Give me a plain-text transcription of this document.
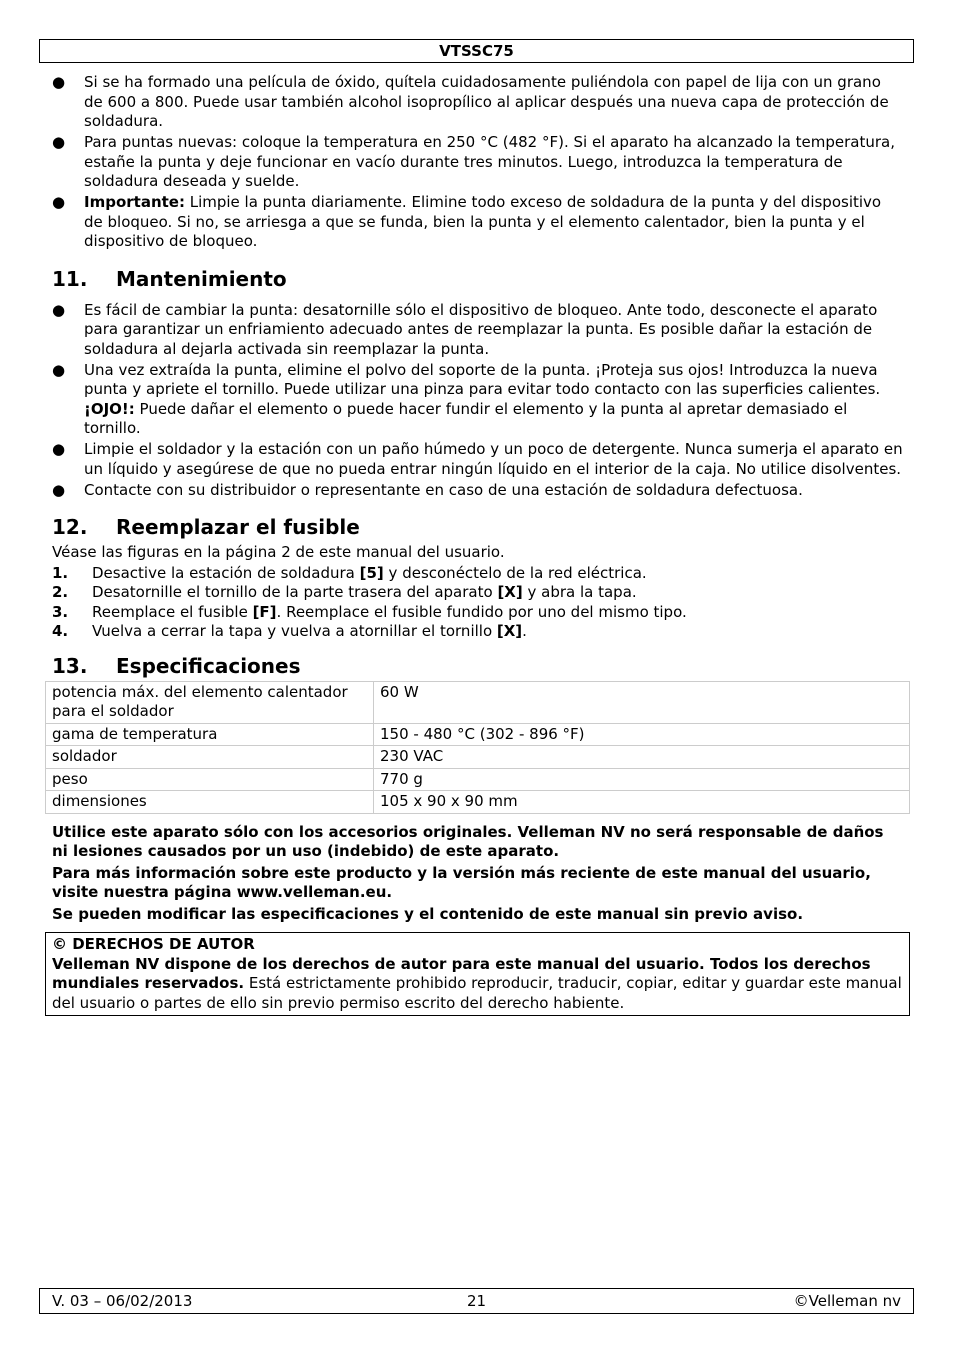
VTSSC75
● Si se ha formado una película de óxido, quítela cuidadosamente puliéndola con papel de lija con un grano de 600 a 800. Puede usar también alcohol isopropílico al aplicar después una nueva capa de protección de soldadura.
● Para puntas nuevas: coloque la temperatura en 250 °C (482 °F). Si el aparato ha alcanzado la temperatura, estañe la punta y deje funcionar en vacío durante tres minutos. Luego, introduzca la temperatura de soldadura deseada y suelde.
● Importante: Limpie la punta diariamente. Elimine todo exceso de soldadura de la punta y del dispositivo de bloqueo. Si no, se arriesga a que se funda, bien la punta y el elemento calentador, bien la punta y el dispositivo de bloqueo.
11. Mantenimiento
● Es fácil de cambiar la punta: desatornille sólo el dispositivo de bloqueo. Ante todo, desconecte el aparato para garantizar un enfriamiento adecuado antes de reemplazar la punta. Es posible dañar la estación de soldadura al dejarla activada sin reemplazar la punta.
● Una vez extraída la punta, elimine el polvo del soporte de la punta. ¡Proteja sus ojos! Introduzca la nueva punta y apriete el tornillo. Puede utilizar una pinza para evitar todo contacto con las superficies calientes. ¡OJO!: Puede dañar el elemento o puede hacer fundir el elemento y la punta al apretar demasiado el tornillo.
● Limpie el soldador y la estación con un paño húmedo y un poco de detergente. Nunca sumerja el aparato en un líquido y asegúrese de que no pueda entrar ningún líquido en el interior de la caja. No utilice disolventes.
● Contacte con su distribuidor o representante en caso de una estación de soldadura defectuosa.
12. Reemplazar el fusible
Véase las figuras en la página 2 de este manual del usuario.
1. Desactive la estación de soldadura [5] y desconéctelo de la red eléctrica.
2. Desatornille el tornillo de la parte trasera del aparato [X] y abra la tapa.
3. Reemplace el fusible [F]. Reemplace el fusible fundido por uno del mismo tipo.
4. Vuelva a cerrar la tapa y vuelva a atornillar el tornillo [X].
13. Especificaciones
potencia máx. del elemento calentador para el soldador	60 W
gama de temperatura	150 - 480 °C (302 - 896 °F)
soldador	230 VAC
peso	770 g
dimensiones	105 x 90 x 90 mm

Utilice este aparato sólo con los accesorios originales. Velleman NV no será responsable de daños ni lesiones causados por un uso (indebido) de este aparato.

Para más información sobre este producto y la versión más reciente de este manual del usuario, visite nuestra página www.velleman.eu.

Se pueden modificar las especificaciones y el contenido de este manual sin previo aviso.

© DERECHOS DE AUTOR
Velleman NV dispone de los derechos de autor para este manual del usuario. Todos los derechos mundiales reservados. Está estrictamente prohibido reproducir, traducir, copiar, editar y guardar este manual del usuario o partes de ello sin previo permiso escrito del derecho habiente.
V. 03 – 06/02/2013	21	©Velleman nv
